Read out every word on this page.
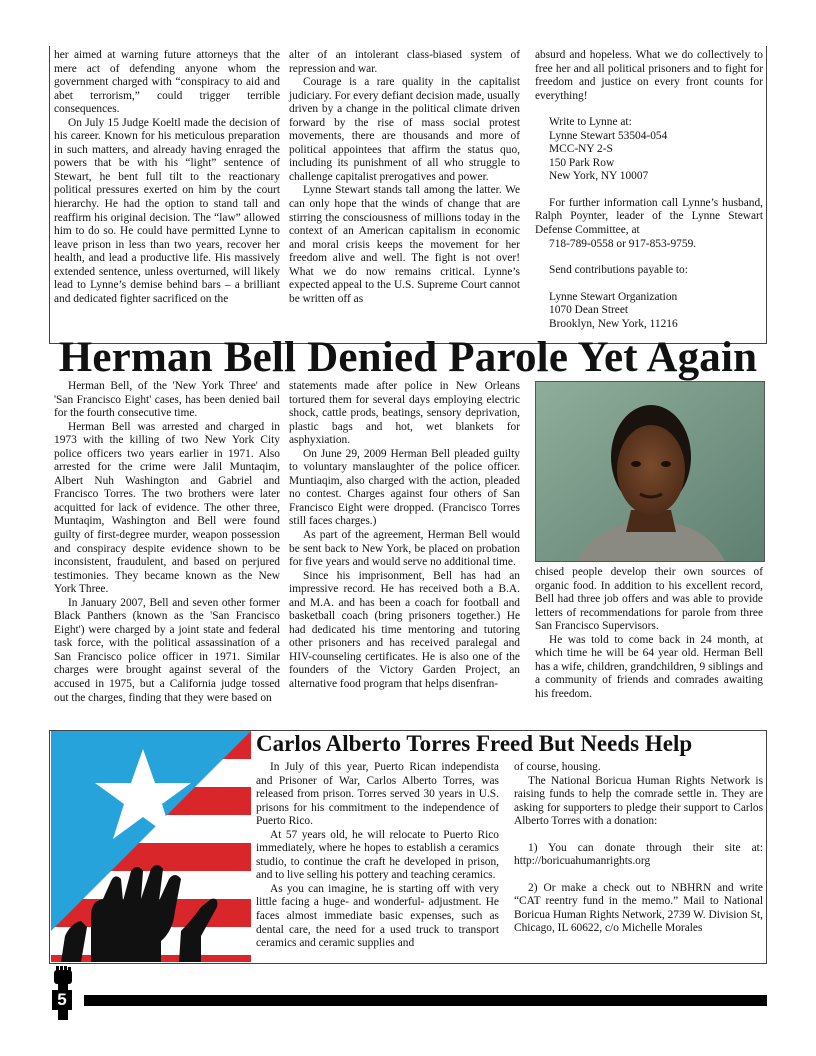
her aimed at warning future attorneys that the mere act of defending anyone whom the government charged with “conspiracy to aid and abet terrorism,” could trigger terrible consequences.

On July 15 Judge Koeltl made the decision of his career. Known for his meticulous preparation in such matters, and already having enraged the powers that be with his “light” sentence of Stewart, he bent full tilt to the reactionary political pressures exerted on him by the court hierarchy. He had the option to stand tall and reaffirm his original decision. The “law” allowed him to do so. He could have permitted Lynne to leave prison in less than two years, recover her health, and lead a productive life. His massively extended sentence, unless overturned, will likely lead to Lynne’s demise behind bars – a brilliant and dedicated fighter sacrificed on the

alter of an intolerant class-biased system of repression and war.

Courage is a rare quality in the capitalist judiciary. For every defiant decision made, usually driven by a change in the political climate driven forward by the rise of mass social protest movements, there are thousands and more of political appointees that affirm the status quo, including its punishment of all who struggle to challenge capitalist prerogatives and power.

Lynne Stewart stands tall among the latter. We can only hope that the winds of change that are stirring the consciousness of millions today in the context of an American capitalism in economic and moral crisis keeps the movement for her freedom alive and well. The fight is not over! What we do now remains critical. Lynne’s expected appeal to the U.S. Supreme Court cannot be written off as

absurd and hopeless. What we do collectively to free her and all political prisoners and to fight for freedom and justice on every front counts for everything!

Write to Lynne at:

Lynne Stewart 53504-054

MCC-NY 2-S

150 Park Row

New York, NY 10007

For further information call Lynne’s husband, Ralph Poynter, leader of the Lynne Stewart Defense Committee, at

718-789-0558 or 917-853-9759.

Send contributions payable to:

Lynne Stewart Organization

1070 Dean Street

Brooklyn, New York, 11216

Herman Bell Denied Parole Yet Again

Herman Bell, of the 'New York Three' and 'San Francisco Eight' cases, has been denied bail for the fourth consecutive time.

Herman Bell was arrested and charged in 1973 with the killing of two New York City police officers two years earlier in 1971. Also arrested for the crime were Jalil Muntaqim, Albert Nuh Washington and Gabriel and Francisco Torres. The two brothers were later acquitted for lack of evidence. The other three, Muntaqim, Washington and Bell were found guilty of first-degree murder, weapon possession and conspiracy despite evidence shown to be inconsistent, fraudulent, and based on perjured testimonies. They became known as the New York Three.

In January 2007, Bell and seven other former Black Panthers (known as the 'San Francisco Eight') were charged by a joint state and federal task force, with the political assassination of a San Francisco police officer in 1971. Similar charges were brought against several of the accused in 1975, but a California judge tossed out the charges, finding that they were based on

statements made after police in New Orleans tortured them for several days employing electric shock, cattle prods, beatings, sensory deprivation, plastic bags and hot, wet blankets for asphyxiation.

On June 29, 2009 Herman Bell pleaded guilty to voluntary manslaughter of the police officer. Muntiaqim, also charged with the action, pleaded no contest. Charges against four others of San Francisco Eight were dropped. (Francisco Torres still faces charges.)

As part of the agreement, Herman Bell would be sent back to New York, be placed on probation for five years and would serve no additional time.

Since his imprisonment, Bell has had an impressive record. He has received both a B.A. and M.A. and has been a coach for football and basketball coach (bring prisoners together.) He had dedicated his time mentoring and tutoring other prisoners and has received paralegal and HIV-counseling certificates. He is also one of the founders of the Victory Garden Project, an alternative food program that helps disenfran-

chised people develop their own sources of organic food. In addition to his excellent record, Bell had three job offers and was able to provide letters of recommendations for parole from three San Francisco Supervisors.

He was told to come back in 24 month, at which time he will be 64 year old. Herman Bell has a wife, children, grandchildren, 9 siblings and a community of friends and comrades awaiting his freedom.

Carlos Alberto Torres Freed But Needs Help

In July of this year, Puerto Rican independista and Prisoner of War, Carlos Alberto Torres, was released from prison. Torres served 30 years in U.S. prisons for his commitment to the independence of Puerto Rico.

At 57 years old, he will relocate to Puerto Rico immediately, where he hopes to establish a ceramics studio, to continue the craft he developed in prison, and to live selling his pottery and teaching ceramics.

As you can imagine, he is starting off with very little facing a huge- and wonderful- adjustment. He faces almost immediate basic expenses, such as dental care, the need for a used truck to transport ceramics and ceramic supplies and

of course, housing.

The National Boricua Human Rights Network is raising funds to help the comrade settle in. They are asking for supporters to pledge their support to Carlos Alberto Torres with a donation:

1) You can donate through their site at: http://boricuahumanrights.org

2) Or make a check out to NBHRN and write “CAT reentry fund in the memo.” Mail to National Boricua Human Rights Network, 2739 W. Division St, Chicago, IL 60622, c/o Michelle Morales

5
